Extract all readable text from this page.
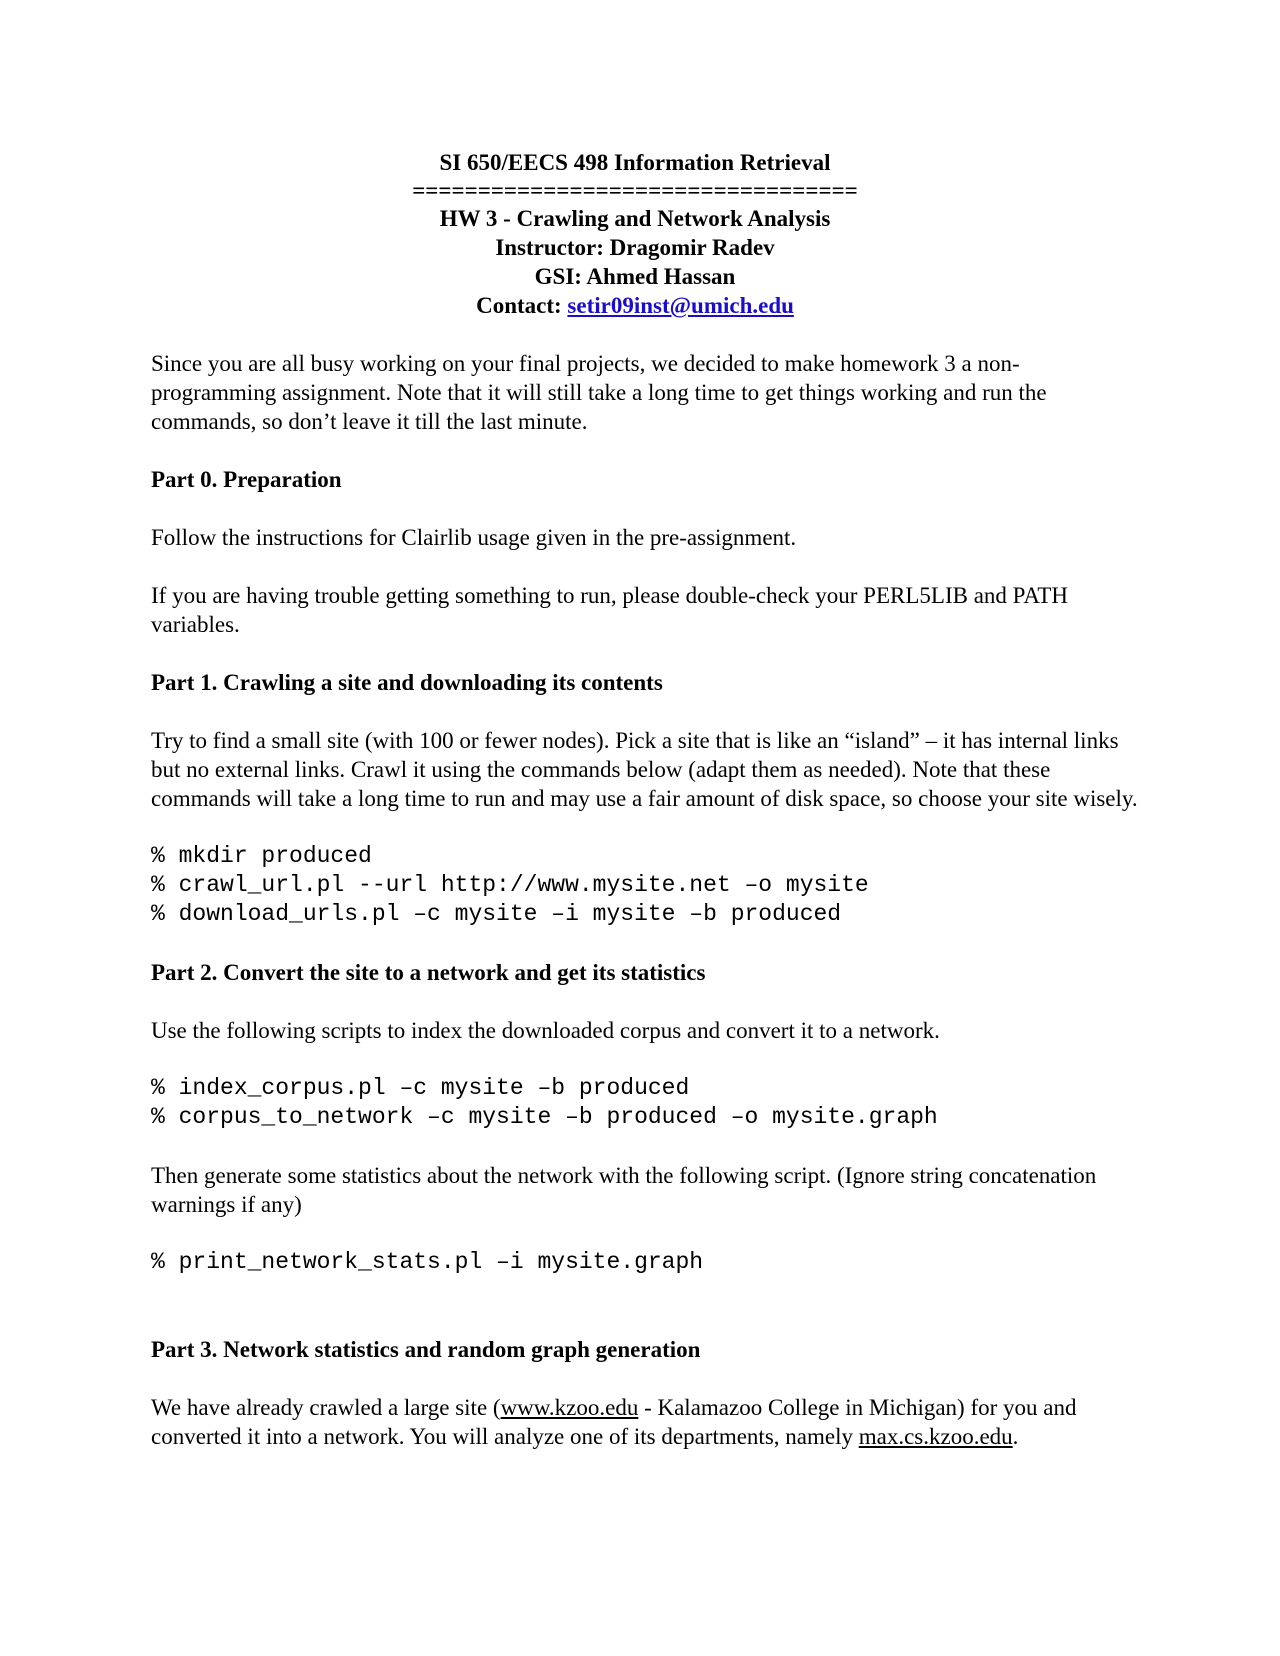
SI 650/EECS 498 Information Retrieval
==================================
HW 3 - Crawling and Network Analysis
Instructor: Dragomir Radev
GSI: Ahmed Hassan
Contact: setir09inst@umich.edu

Since you are all busy working on your final projects, we decided to make homework 3 a non-programming assignment. Note that it will still take a long time to get things working and run the commands, so don’t leave it till the last minute.

Part 0. Preparation

Follow the instructions for Clairlib usage given in the pre-assignment.

If you are having trouble getting something to run, please double-check your PERL5LIB and PATH variables.

Part 1. Crawling a site and downloading its contents

Try to find a small site (with 100 or fewer nodes). Pick a site that is like an “island” – it has internal links but no external links. Crawl it using the commands below (adapt them as needed). Note that these commands will take a long time to run and may use a fair amount of disk space, so choose your site wisely.

% mkdir produced
% crawl_url.pl --url http://www.mysite.net –o mysite
% download_urls.pl –c mysite –i mysite –b produced
Part 2. Convert the site to a network and get its statistics

Use the following scripts to index the downloaded corpus and convert it to a network.

% index_corpus.pl –c mysite –b produced
% corpus_to_network –c mysite –b produced –o mysite.graph

Then generate some statistics about the network with the following script. (Ignore string concatenation warnings if any)

% print_network_stats.pl –i mysite.graph
Part 3. Network statistics and random graph generation

We have already crawled a large site (www.kzoo.edu - Kalamazoo College in Michigan) for you and converted it into a network. You will analyze one of its departments, namely max.cs.kzoo.edu.
